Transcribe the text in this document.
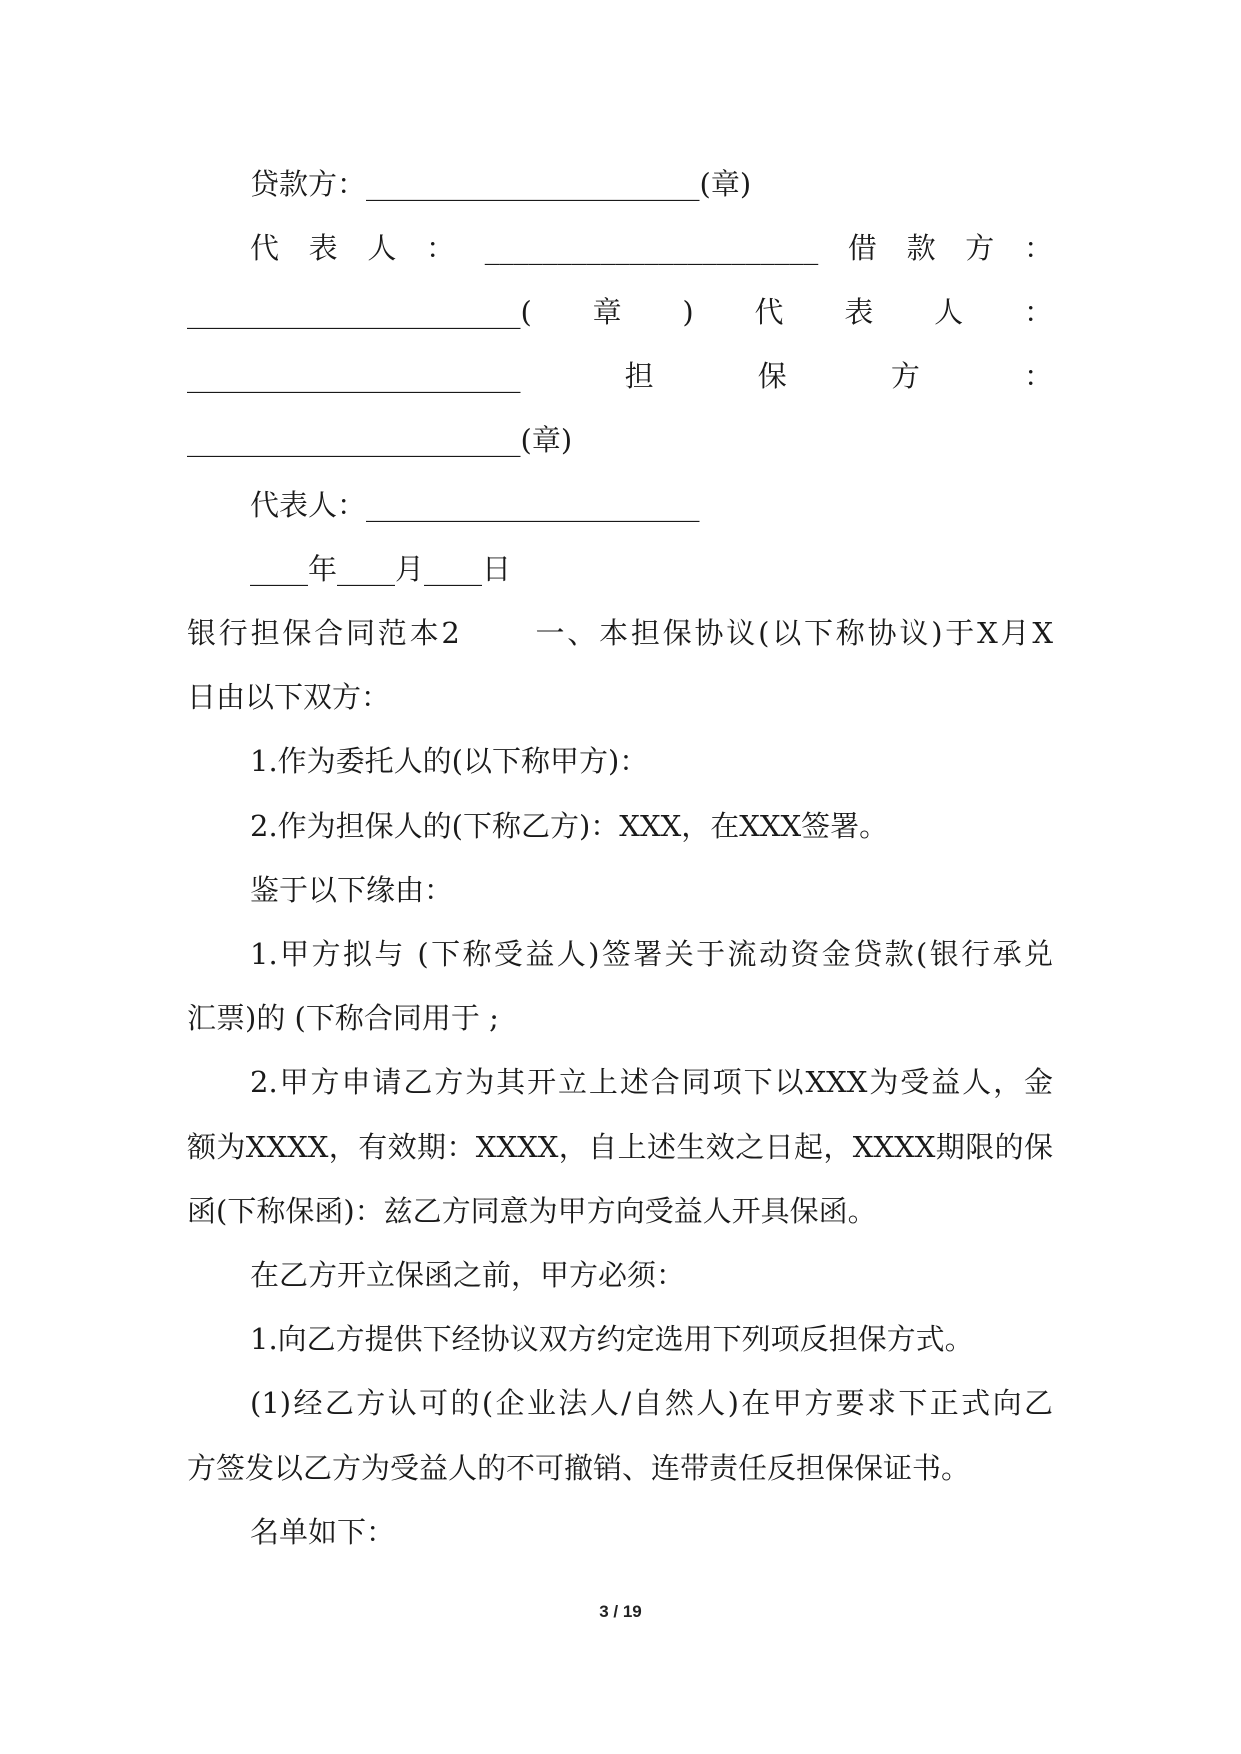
贷款方：_______________________(章)
代表人：_______________________借款方：
_______________________(章)代表人：
_______________________担保方：
_______________________(章)
代表人：_______________________
____年____月____日
银行担保合同范本2 　　一、本担保协议(以下称协议)于X月X
日由以下双方：
1.作为委托人的(以下称甲方)：
2.作为担保人的(下称乙方)：XXX，在XXX签署。
鉴于以下缘由：
1.甲方拟与 (下称受益人)签署关于流动资金贷款(银行承兑
汇票)的 (下称合同用于 ;
2.甲方申请乙方为其开立上述合同项下以XXX为受益人，金
额为XXXX，有效期：XXXX，自上述生效之日起，XXXX期限的保
函(下称保函)：兹乙方同意为甲方向受益人开具保函。
在乙方开立保函之前，甲方必须：
1.向乙方提供下经协议双方约定选用下列项反担保方式。
(1)经乙方认可的(企业法人/自然人)在甲方要求下正式向乙
方签发以乙方为受益人的不可撤销、连带责任反担保保证书。
名单如下：
3 / 19
